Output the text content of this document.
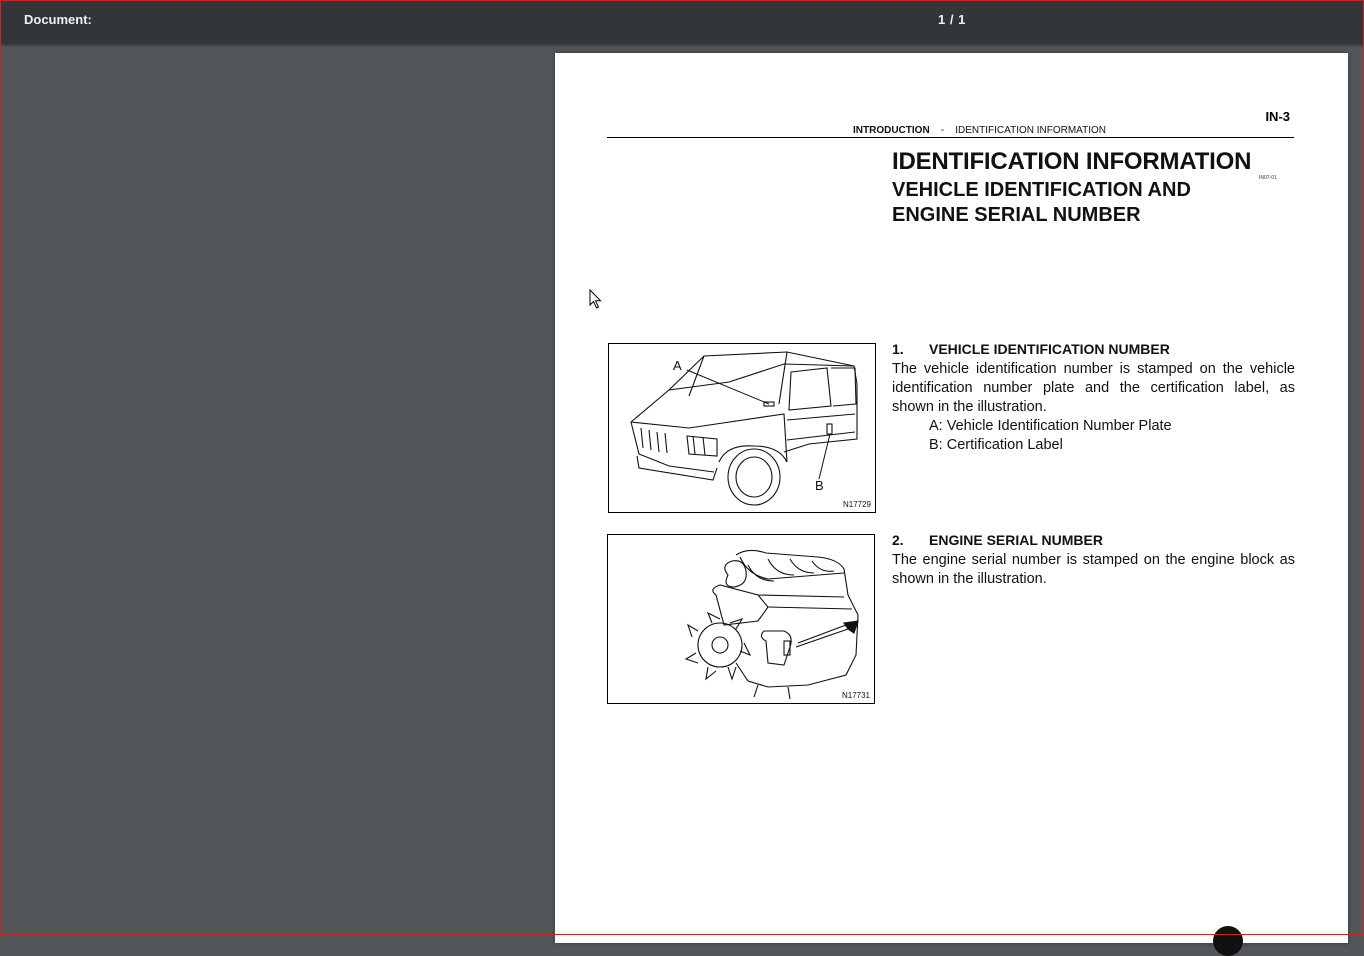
Document:	1 / 1
IN-3
INTRODUCTION - IDENTIFICATION INFORMATION
IDENTIFICATION INFORMATION
IN07-01
VEHICLE IDENTIFICATION AND
ENGINE SERIAL NUMBER
A
B
N17729
N17731
1. VEHICLE IDENTIFICATION NUMBER

The vehicle identification number is stamped on the vehicle identification number plate and the certification label, as shown in the illustration.

A: Vehicle Identification Number Plate
B: Certification Label
2. ENGINE SERIAL NUMBER

The engine serial number is stamped on the engine block as shown in the illustration.
